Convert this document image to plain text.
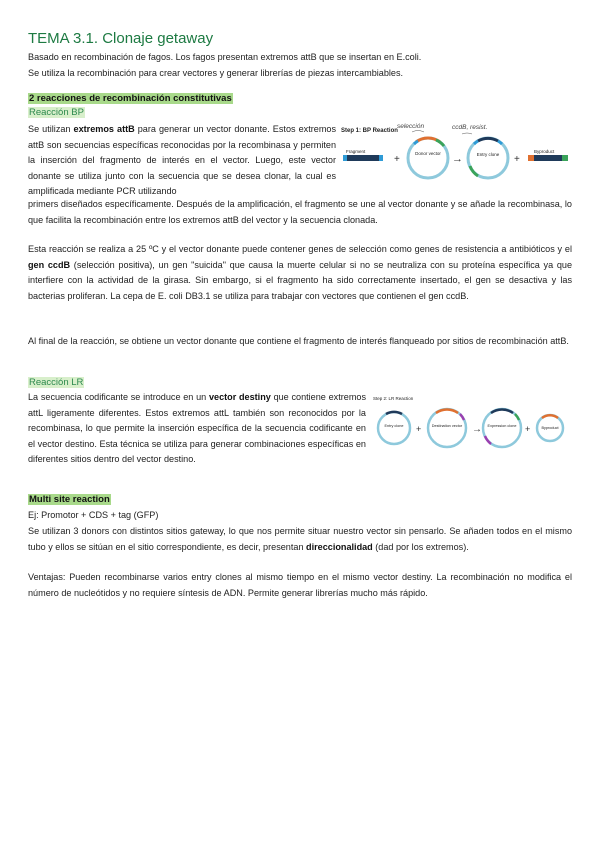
TEMA 3.1. Clonaje getaway
Basado en recombinación de fagos. Los fagos presentan extremos attB que se insertan en E.coli.
Se utiliza la recombinación para crear vectores y generar librerías de piezas intercambiables.
2 reacciones de recombinación constitutivas
Reacción BP
Se utilizan extremos attB para generar un vector donante. Estos extremos attB son secuencias específicas reconocidas por la recombinasa y permiten la inserción del fragmento de interés en el vector. Luego, este vector donante se utiliza junto con la secuencia que se desea clonar, la cual es amplificada mediante PCR utilizando
primers diseñados específicamente. Después de la amplificación, el fragmento se une al vector donante y se añade la recombinasa, lo que facilita la recombinación entre los extremos attB del vector y la secuencia clonada.
Step 1: BP Reaction
selección	ccdB, resist.
Fragment
+
Donor vector →	Entry clone +
Byproduct
Esta reacción se realiza a 25 ºC y el vector donante puede contener genes de selección como genes de resistencia a antibióticos y el gen ccdB (selección positiva), un gen "suicida" que causa la muerte celular si no se neutraliza con su proteína específica ya que interfiere con la actividad de la girasa. Sin embargo, si el fragmento ha sido correctamente insertado, el gen se desactiva y las bacterias proliferan. La cepa de E. coli DB3.1 se utiliza para trabajar con vectores que contienen el gen ccdB.
Al final de la reacción, se obtiene un vector donante que contiene el fragmento de interés flanqueado por sitios de recombinación attB.
Reacción LR
La secuencia codificante se introduce en un vector destiny que contiene extremos attL ligeramente diferentes. Estos extremos attL también son reconocidos por la recombinasa, lo que permite la inserción específica de la secuencia codificante en el vector destino. Esta técnica se utiliza para generar combinaciones específicas en diferentes sitios dentro del vector destino.
Step 2: LR Reaction
Entry clone +	Destination vector → Expression clone +	Byproduct
Multi site reaction
Ej: Promotor + CDS + tag (GFP)
Se utilizan 3 donors con distintos sitios gateway, lo que nos permite situar nuestro vector sin pensarlo. Se añaden todos en el mismo tubo y ellos se sitúan en el sitio correspondiente, es decir, presentan direccionalidad (dad por los extremos).
Ventajas: Pueden recombinarse varios entry clones al mismo tiempo en el mismo vector destiny. La recombinación no modifica el número de nucleótidos y no requiere síntesis de ADN. Permite generar librerías mucho más rápido.
